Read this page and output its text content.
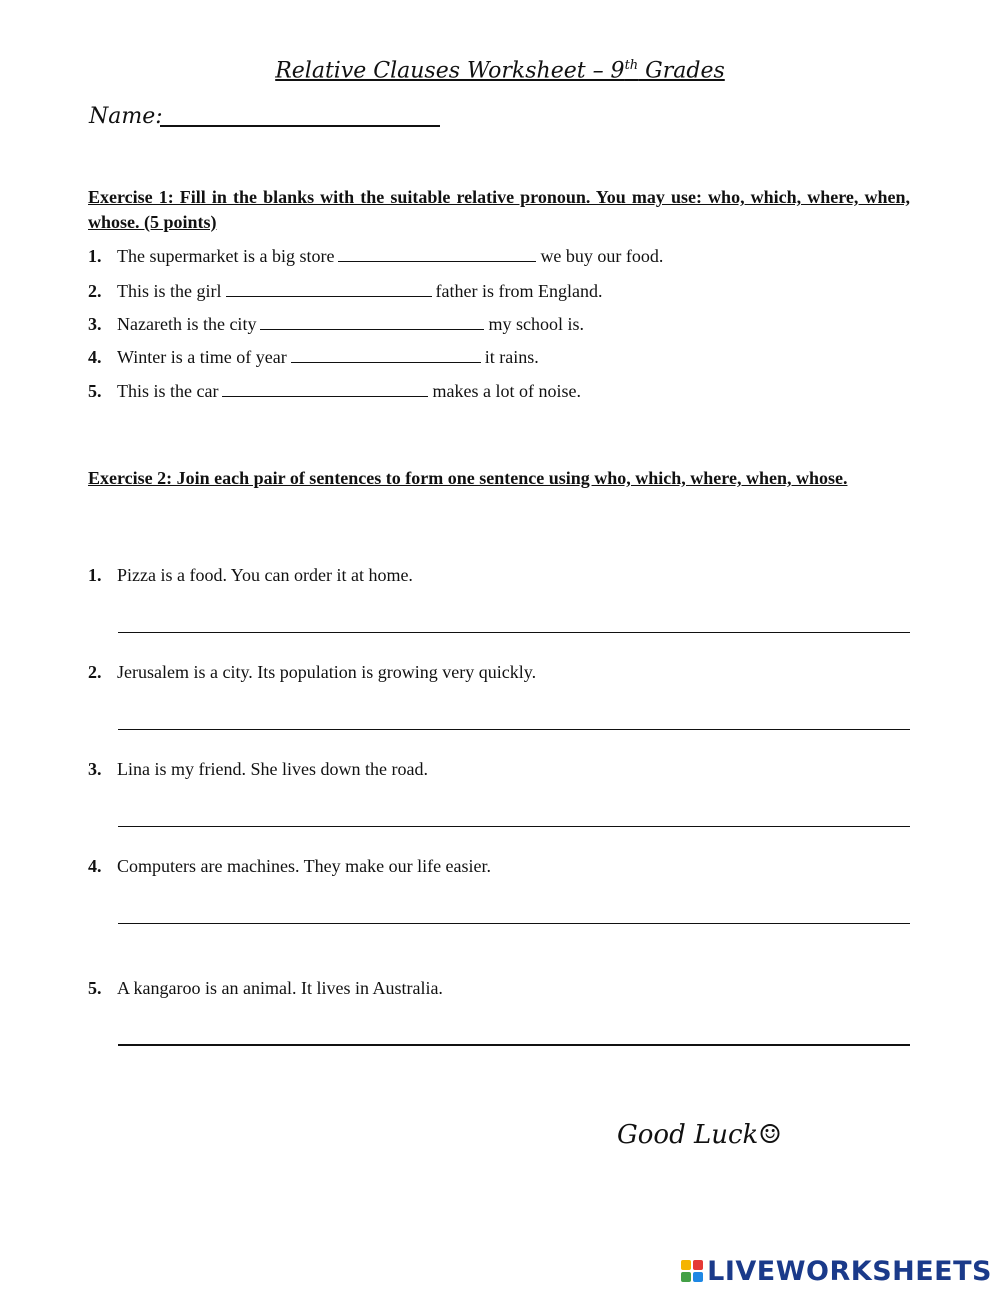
Relative Clauses Worksheet – 9th Grades
Name:
Exercise 1: Fill in the blanks with the suitable relative pronoun. You may use: who, which, where, when, whose. (5 points)
1. The supermarket is a big store	we buy our food.
2. This is the girl	father is from England.
3. Nazareth is the city	my school is.
4. Winter is a time of year	it rains.
5. This is the car	makes a lot of noise.
Exercise 2: Join each pair of sentences to form one sentence using who, which, where, when, whose.
1. Pizza is a food. You can order it at home.
2. Jerusalem is a city. Its population is growing very quickly.
3. Lina is my friend. She lives down the road.
4. Computers are machines. They make our life easier.
5. A kangaroo is an animal. It lives in Australia.
Good Luck☺
LIVEWORKSHEETS
